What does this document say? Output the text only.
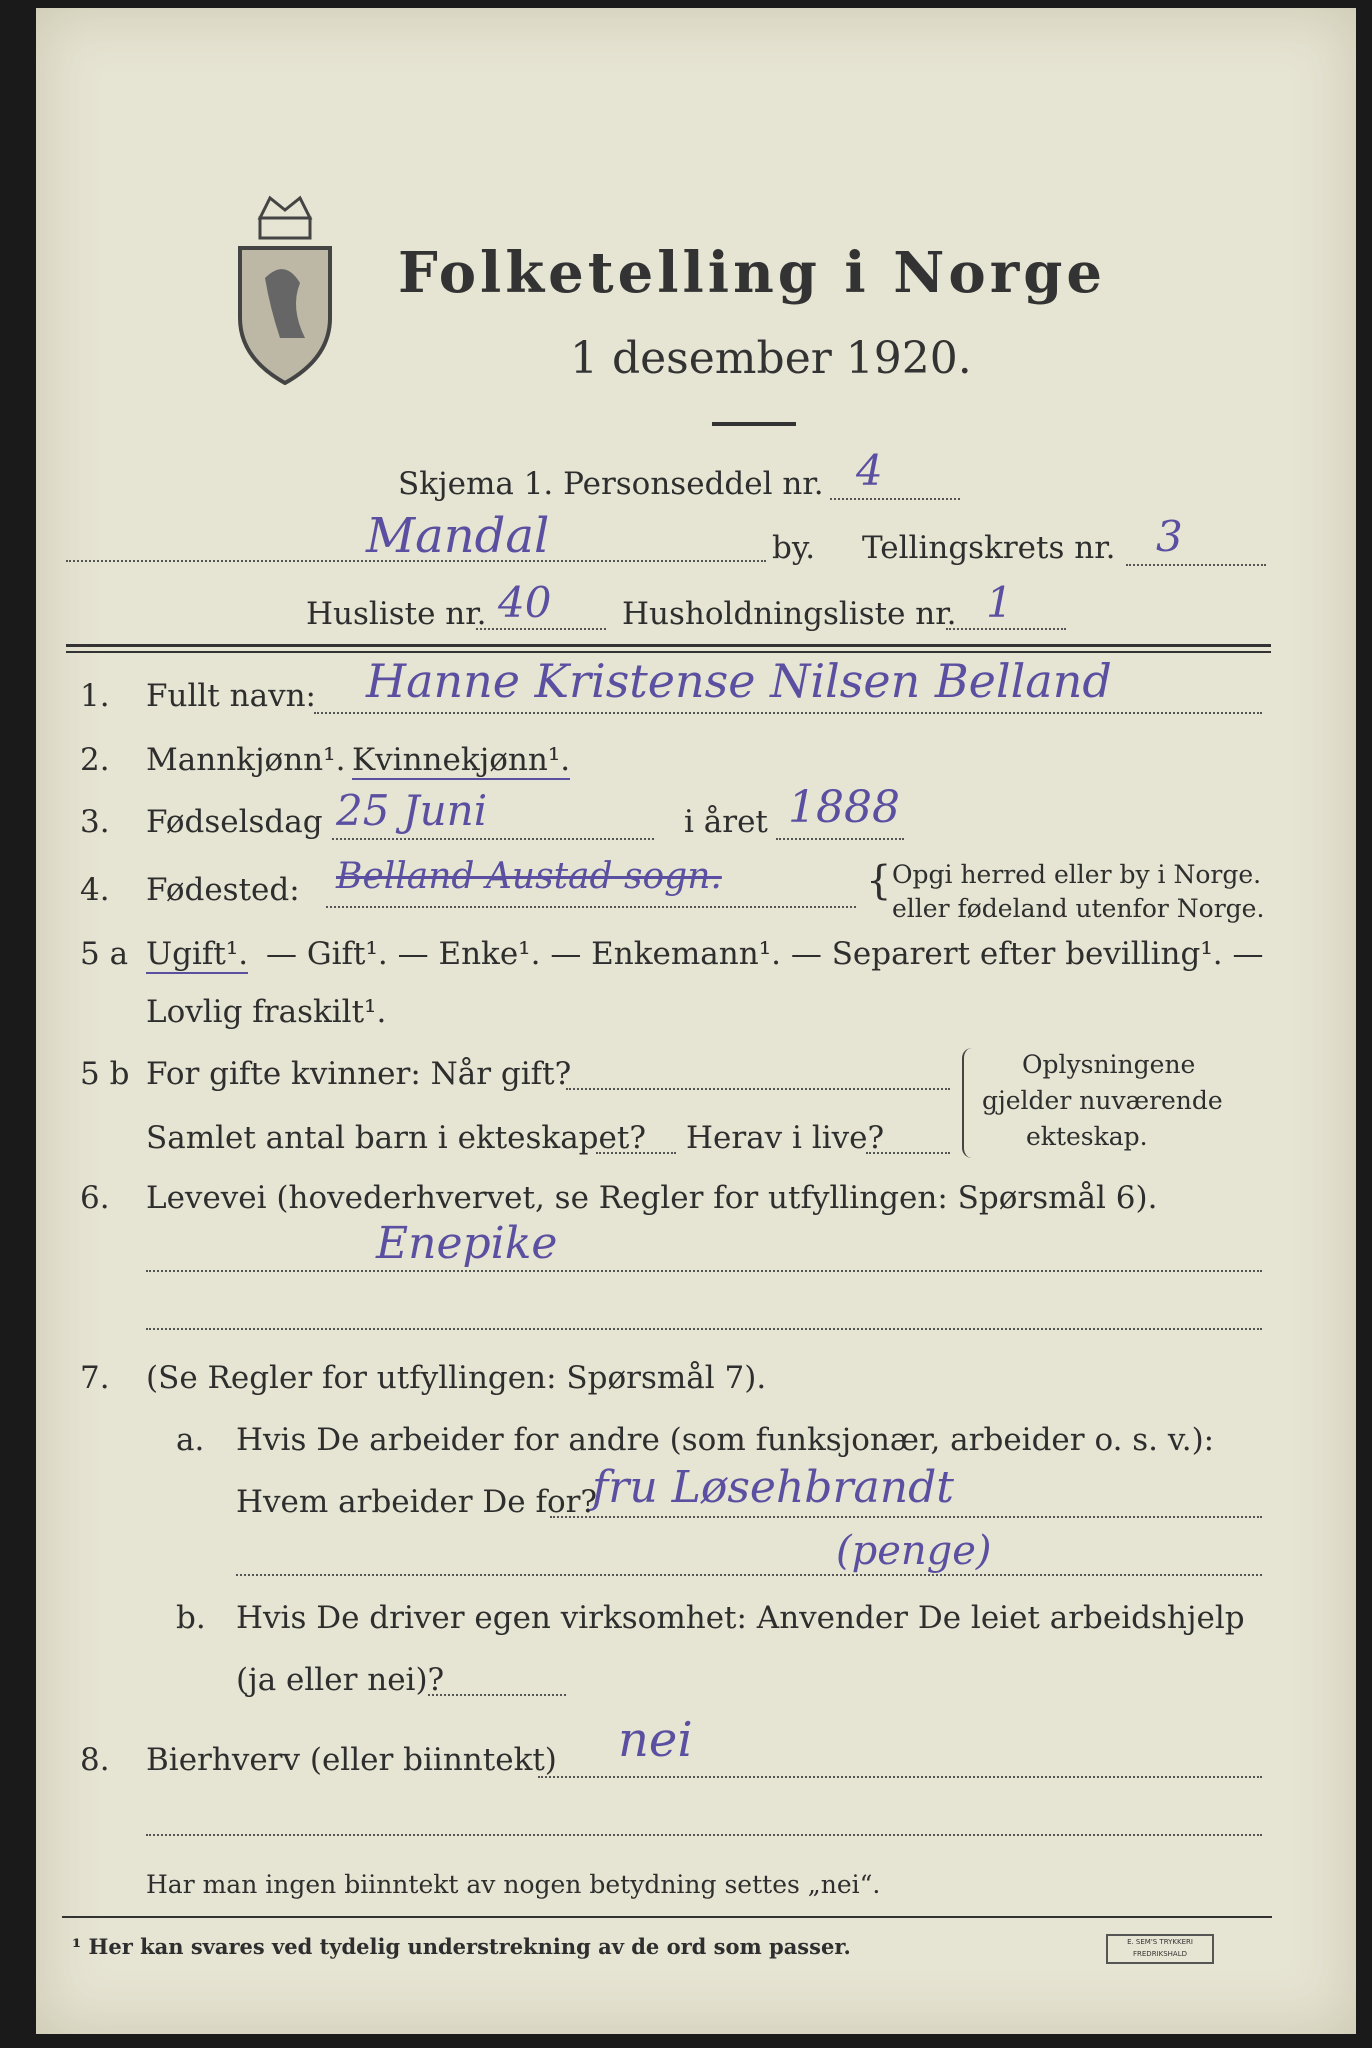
Folketelling i Norge
1 desember 1920.
Skjema 1. Personseddel nr. 4
Mandal	by. Tellingskrets nr. 3
Husliste nr. 40 Husholdningsliste nr. 1
1. Fullt navn: Hanne Kristense Nilsen Belland
2. Mannkjønn¹. Kvinnekjønn¹.
3. Fødselsdag 25 Juni	i året 1888
4. Fødested: Belland Austad sogn.	{ Opgi herred eller by i Norge.
eller fødeland utenfor Norge.
5 a Ugift¹. — Gift¹. — Enke¹. — Enkemann¹. — Separert efter bevilling¹. —
Lovlig fraskilt¹.
5 b For gifte kvinner: Når gift?
Samlet antal barn i ekteskapet? Herav i live?
Oplysningene
gjelder nuværende
ekteskap.
6. Levevei (hovederhvervet, se Regler for utfyllingen: Spørsmål 6).
Enepike
7. (Se Regler for utfyllingen: Spørsmål 7).
a. Hvis De arbeider for andre (som funksjonær, arbeider o. s. v.):
Hvem arbeider De for?
fru Løsehbrandt
(penge)
b. Hvis De driver egen virksomhet: Anvender De leiet arbeidshjelp
(ja eller nei)?
8. Bierhverv (eller biinntekt) nei
Har man ingen biinntekt av nogen betydning settes „nei“.
¹ Her kan svares ved tydelig understrekning av de ord som passer.	E. SEM'S TRYKKERI FREDRIKSHALD
